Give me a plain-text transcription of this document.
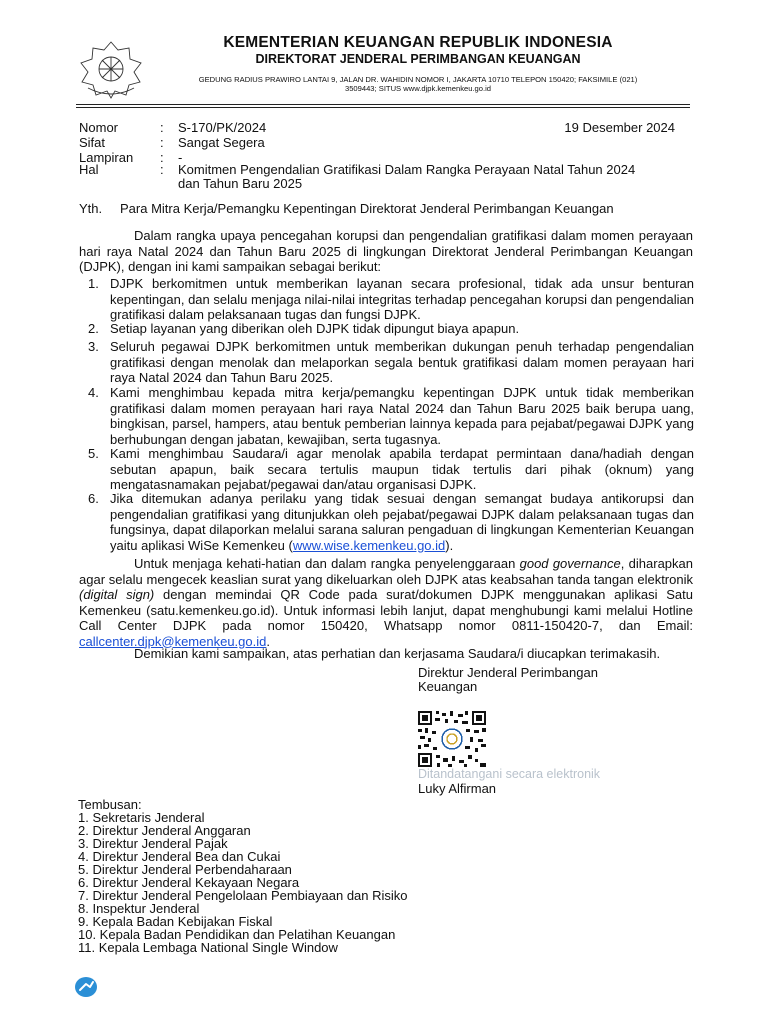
KEMENTERIAN KEUANGAN REPUBLIK INDONESIA
DIREKTORAT JENDERAL PERIMBANGAN KEUANGAN
GEDUNG RADIUS PRAWIRO LANTAI 9, JALAN DR. WAHIDIN NOMOR I, JAKARTA 10710 TELEPON 150420; FAKSIMILE (021)
3509443; SITUS www.djpk.kemenkeu.go.id
Nomor	: S-170/PK/2024	19 Desember 2024
Sifat	: Sangat Segera
Lampiran : -
Hal	: Komitmen Pengendalian Gratifikasi Dalam Rangka Perayaan Natal Tahun 2024
dan Tahun Baru 2025
Yth. Para Mitra Kerja/Pemangku Kepentingan Direktorat Jenderal Perimbangan Keuangan
Dalam rangka upaya pencegahan korupsi dan pengendalian gratifikasi dalam momen perayaan hari raya Natal 2024 dan Tahun Baru 2025 di lingkungan Direktorat Jenderal Perimbangan Keuangan (DJPK), dengan ini kami sampaikan sebagai berikut:
1. DJPK berkomitmen untuk memberikan layanan secara profesional, tidak ada unsur benturan kepentingan, dan selalu menjaga nilai-nilai integritas terhadap pencegahan korupsi dan pengendalian gratifikasi dalam pelaksanaan tugas dan fungsi DJPK.
2. Setiap layanan yang diberikan oleh DJPK tidak dipungut biaya apapun.
3. Seluruh pegawai DJPK berkomitmen untuk memberikan dukungan penuh terhadap pengendalian gratifikasi dengan menolak dan melaporkan segala bentuk gratifikasi dalam momen perayaan hari raya Natal 2024 dan Tahun Baru 2025.
4. Kami menghimbau kepada mitra kerja/pemangku kepentingan DJPK untuk tidak memberikan gratifikasi dalam momen perayaan hari raya Natal 2024 dan Tahun Baru 2025 baik berupa uang, bingkisan, parsel, hampers, atau bentuk pemberian lainnya kepada para pejabat/pegawai DJPK yang berhubungan dengan jabatan, kewajiban, serta tugasnya.
5. Kami menghimbau Saudara/i agar menolak apabila terdapat permintaan dana/hadiah dengan sebutan apapun, baik secara tertulis maupun tidak tertulis dari pihak (oknum) yang mengatasnamakan pejabat/pegawai dan/atau organisasi DJPK.
6. Jika ditemukan adanya perilaku yang tidak sesuai dengan semangat budaya antikorupsi dan pengendalian gratifikasi yang ditunjukkan oleh pejabat/pegawai DJPK dalam pelaksanaan tugas dan fungsinya, dapat dilaporkan melalui sarana saluran pengaduan di lingkungan Kementerian Keuangan yaitu aplikasi WiSe Kemenkeu (www.wise.kemenkeu.go.id).
Untuk menjaga kehati-hatian dan dalam rangka penyelenggaraan good governance, diharapkan agar selalu mengecek keaslian surat yang dikeluarkan oleh DJPK atas keabsahan tanda tangan elektronik (digital sign) dengan memindai QR Code pada surat/dokumen DJPK menggunakan aplikasi Satu Kemenkeu (satu.kemenkeu.go.id). Untuk informasi lebih lanjut, dapat menghubungi kami melalui Hotline Call Center DJPK pada nomor 150420, Whatsapp nomor 0811-150420-7, dan Email: callcenter.djpk@kemenkeu.go.id.
Demikian kami sampaikan, atas perhatian dan kerjasama Saudara/i diucapkan terimakasih.
Direktur Jenderal Perimbangan
Keuangan
Ditandatangani secara elektronik
Luky Alfirman
Tembusan:
1. Sekretaris Jenderal
2. Direktur Jenderal Anggaran
3. Direktur Jenderal Pajak
4. Direktur Jenderal Bea dan Cukai
5. Direktur Jenderal Perbendaharaan
6. Direktur Jenderal Kekayaan Negara
7. Direktur Jenderal Pengelolaan Pembiayaan dan Risiko
8. Inspektur Jenderal
9. Kepala Badan Kebijakan Fiskal
10. Kepala Badan Pendidikan dan Pelatihan Keuangan
11. Kepala Lembaga National Single Window
